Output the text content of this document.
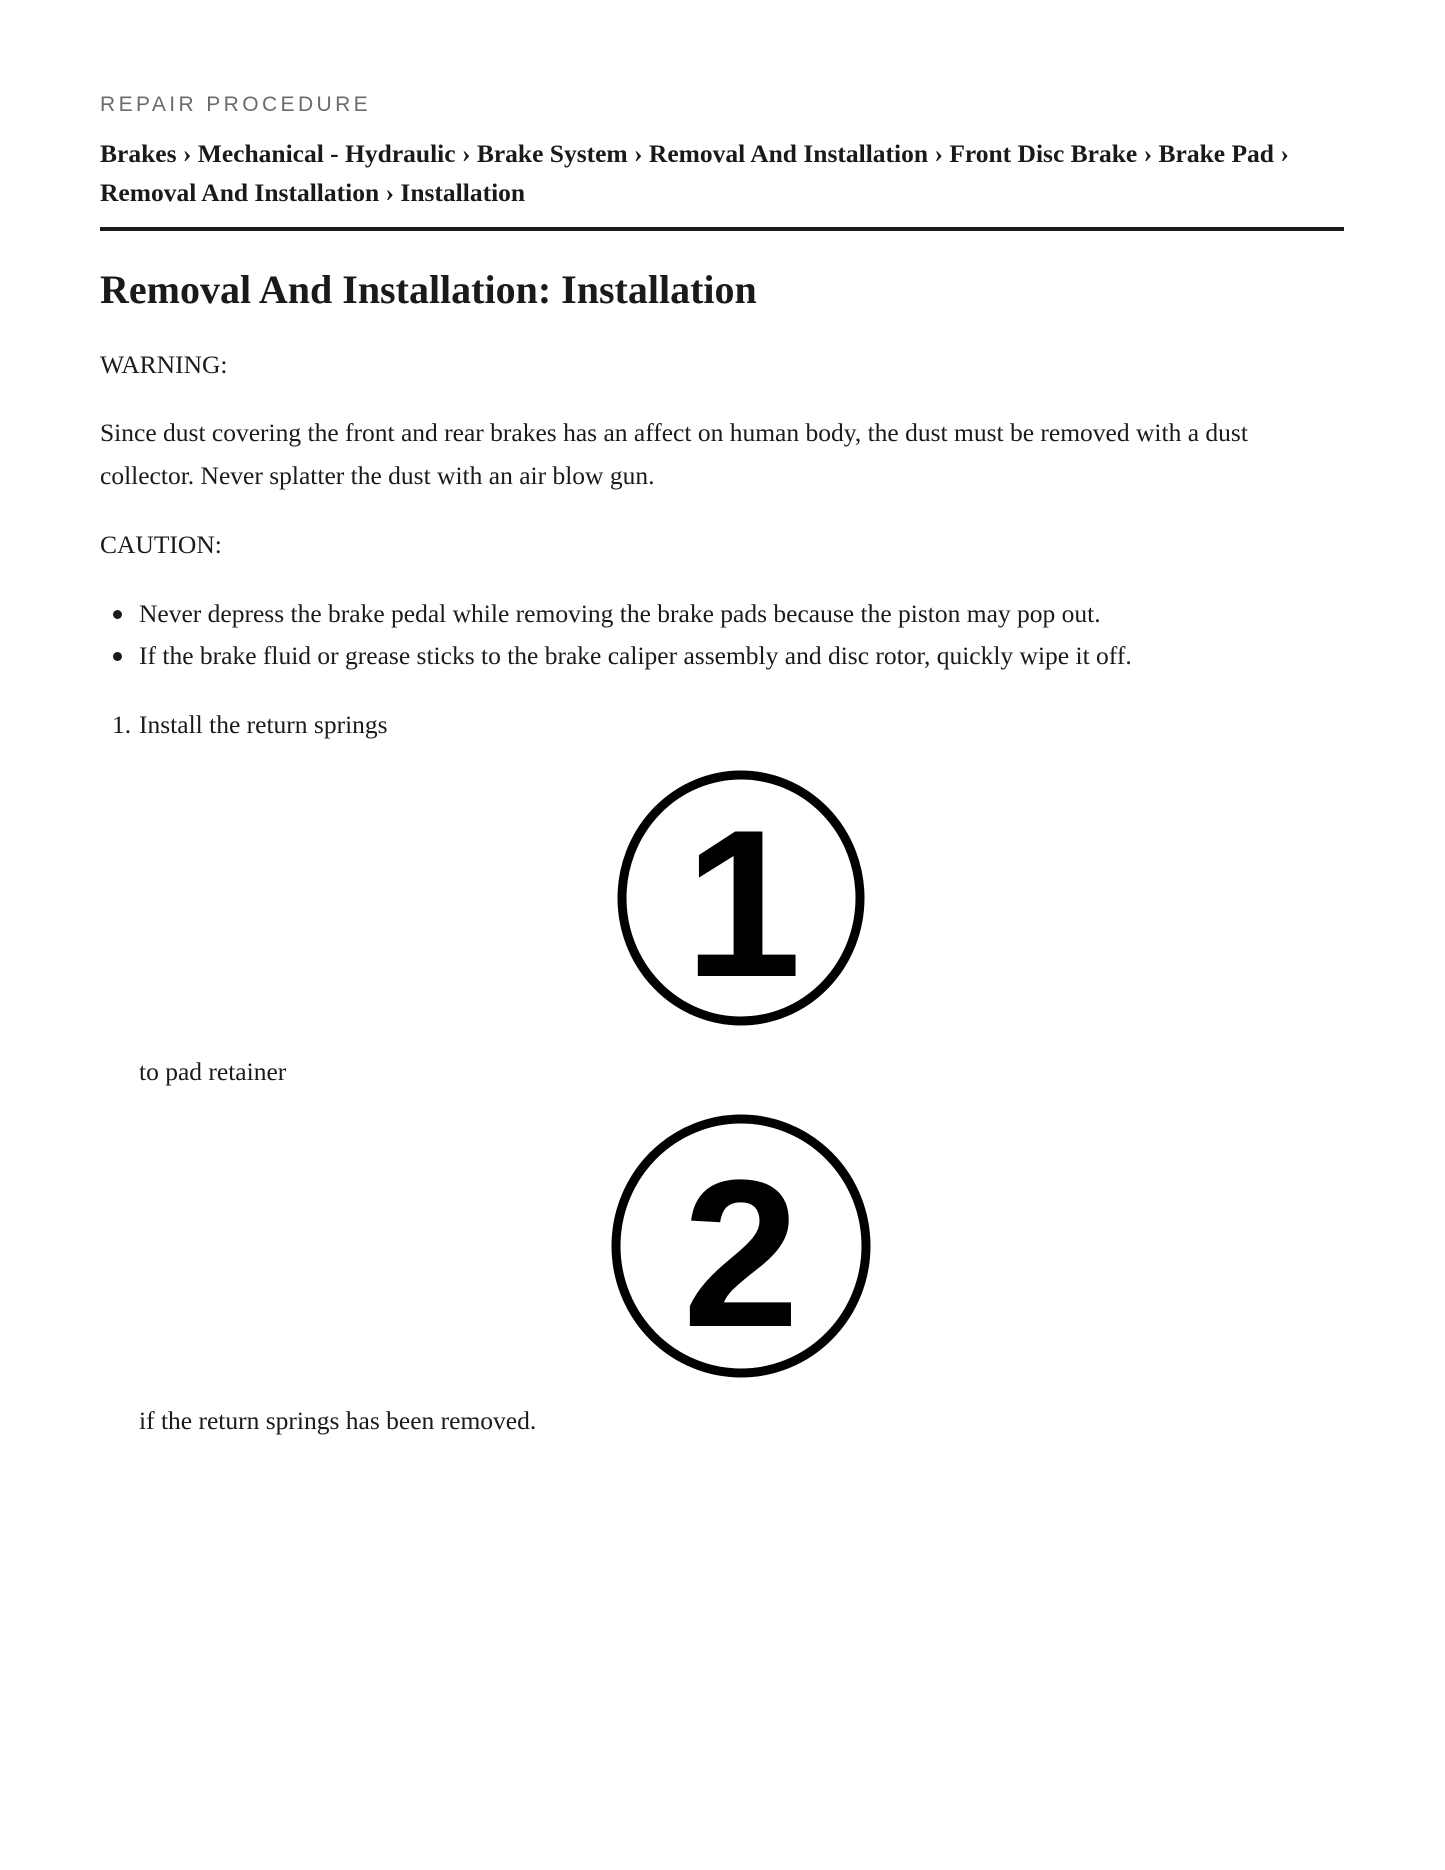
REPAIR PROCEDURE
Brakes › Mechanical - Hydraulic › Brake System › Removal And Installation › Front Disc Brake › Brake Pad ›
Removal And Installation › Installation
Removal And Installation: Installation

WARNING:

Since dust covering the front and rear brakes has an affect on human body, the dust must be removed with a dust collector. Never splatter the dust with an air blow gun.

CAUTION:

Never depress the brake pedal while removing the brake pads because the piston may pop out.
If the brake fluid or grease sticks to the brake caliper assembly and disc rotor, quickly wipe it off.
1. Install the return springs
1
to pad retainer
2
if the return springs has been removed.
